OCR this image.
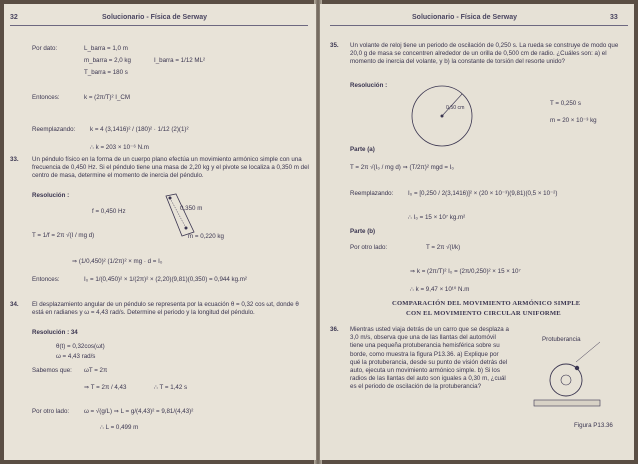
32	Solucionario - Física de Serway
Por dato:	L_barra = 1,0 m
m_barra = 2,0 kg
T_barra = 180 s
I_barra = 1/12 ML²
Entonces:	k = (2π/T)² I_CM
Reemplazando: k = 4 (3,1416)² / (180)² · 1/12 (2)(1)²
∴ k = 203 × 10⁻⁶ N.m
33. Un péndulo físico en la forma de un cuerpo plano efectúa un movimiento armónico simple con una frecuencia de 0,450 Hz. Si el péndulo tiene una masa de 2,20 kg y el pivote se localiza a 0,350 m del centro de masa, determine el momento de inercia del péndulo.
Resolución :
f = 0,450 Hz	0,350 m
m = 0,220 kg
T = 1/f = 2π √(I / mg d)
⇒ (1/0,450)² (1/2π)² × mg · d = I₀
Entonces:	I₀ = 1/(0,450)² × 1/(2π)² × (2,20)(9,81)(0,350) = 0,944 kg.m²
34. El desplazamiento angular de un péndulo se representa por la ecuación θ = 0,32 cos ωt, donde θ está en radianes y ω = 4,43 rad/s. Determine el periodo y la longitud del péndulo.
Resolución : 34
θ(t) = 0,32cos(ωt)
ω = 4,43 rad/s
Sabemos que: ωT = 2π
⇒ T = 2π / 4,43	∴ T = 1,42 s
Por otro lado: ω = √(g/L) ⇒ L = g/(4,43)² = 9,81/(4,43)²
∴ L = 0,499 m
Solucionario - Física de Serway	33
35. Un volante de reloj tiene un periodo de oscilación de 0,250 s. La rueda se construye de modo que 20,0 g de masa se concentren alrededor de un orilla de 0,500 cm de radio. ¿Cuáles son: a) el momento de inercia del volante, y b) la constante de torsión del resorte unido?
Resolución :
0,50 cm
T = 0,250 s
m = 20 × 10⁻³ kg
Parte (a)
T = 2π √(I₀ / mg d) ⇒ (T/2π)² mgd = I₀
Reemplazando: I₀ = [0,250 / 2(3,1416)]² × (20 × 10⁻³)(9,81)(0,5 × 10⁻²)
∴ I₀ = 15 × 10⁷ kg.m²
Parte (b)
Por otro lado:	T = 2π √(I/k)
⇒ k = (2π/T)² I₀ = (2π/0,250)² × 15 × 10⁷
∴ k = 9,47 × 10¹⁰ N.m
COMPARACIÓN DEL MOVIMIENTO ARMÓNICO SIMPLE
CON EL MOVIMIENTO CIRCULAR UNIFORME
36. Mientras usted viaja detrás de un carro que se desplaza a 3,0 m/s, observa que una de las llantas del automóvil tiene una pequeña protuberancia hemisférica sobre su borde, como muestra la figura P13.36. a) Explique por qué la protuberancia, desde su punto de visión detrás del auto, ejecuta un movimiento armónico simple. b) Si los radios de las llantas del auto son iguales a 0,30 m, ¿cuál es el periodo de oscilación de la protuberancia?
Protuberancia
Figura P13.36
